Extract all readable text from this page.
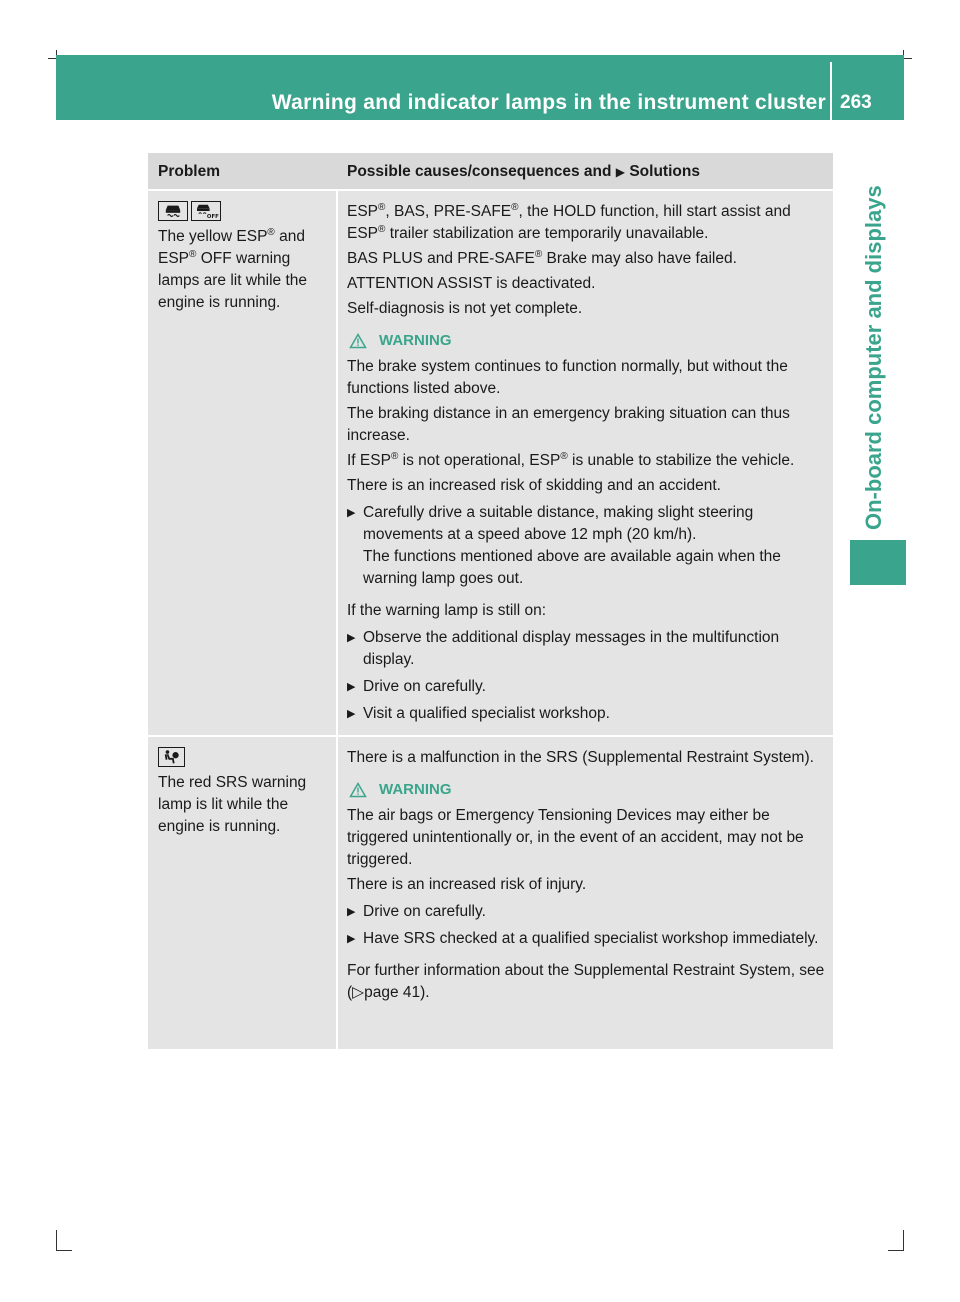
Warning and indicator lamps in the instrument cluster 263
On-board computer and displays
Problem	Possible causes/consequences and ▶ Solutions
OFF
The yellow ESP® and ESP® OFF warning lamps are lit while the engine is running.

ESP®, BAS, PRE-SAFE®, the HOLD function, hill start assist and ESP® trailer stabilization are temporarily unavailable.

BAS PLUS and PRE-SAFE® Brake may also have failed.

ATTENTION ASSIST is deactivated.

Self-diagnosis is not yet complete.

WARNING

The brake system continues to function normally, but without the functions listed above.

The braking distance in an emergency braking situation can thus increase.

If ESP® is not operational, ESP® is unable to stabilize the vehicle.

There is an increased risk of skidding and an accident.

▶ Carefully drive a suitable distance, making slight steering movements at a speed above 12 mph (20 km/h).
The functions mentioned above are available again when the warning lamp goes out.

If the warning lamp is still on:

▶ Observe the additional display messages in the multifunction display.
▶ Drive on carefully.
▶ Visit a qualified specialist workshop.
The red SRS warning lamp is lit while the engine is running.

There is a malfunction in the SRS (Supplemental Restraint System).

WARNING

The air bags or Emergency Tensioning Devices may either be triggered unintentionally or, in the event of an accident, may not be triggered.

There is an increased risk of injury.

▶ Drive on carefully.
▶ Have SRS checked at a qualified specialist workshop immediately.

For further information about the Supplemental Restraint System, see (▷page 41).
